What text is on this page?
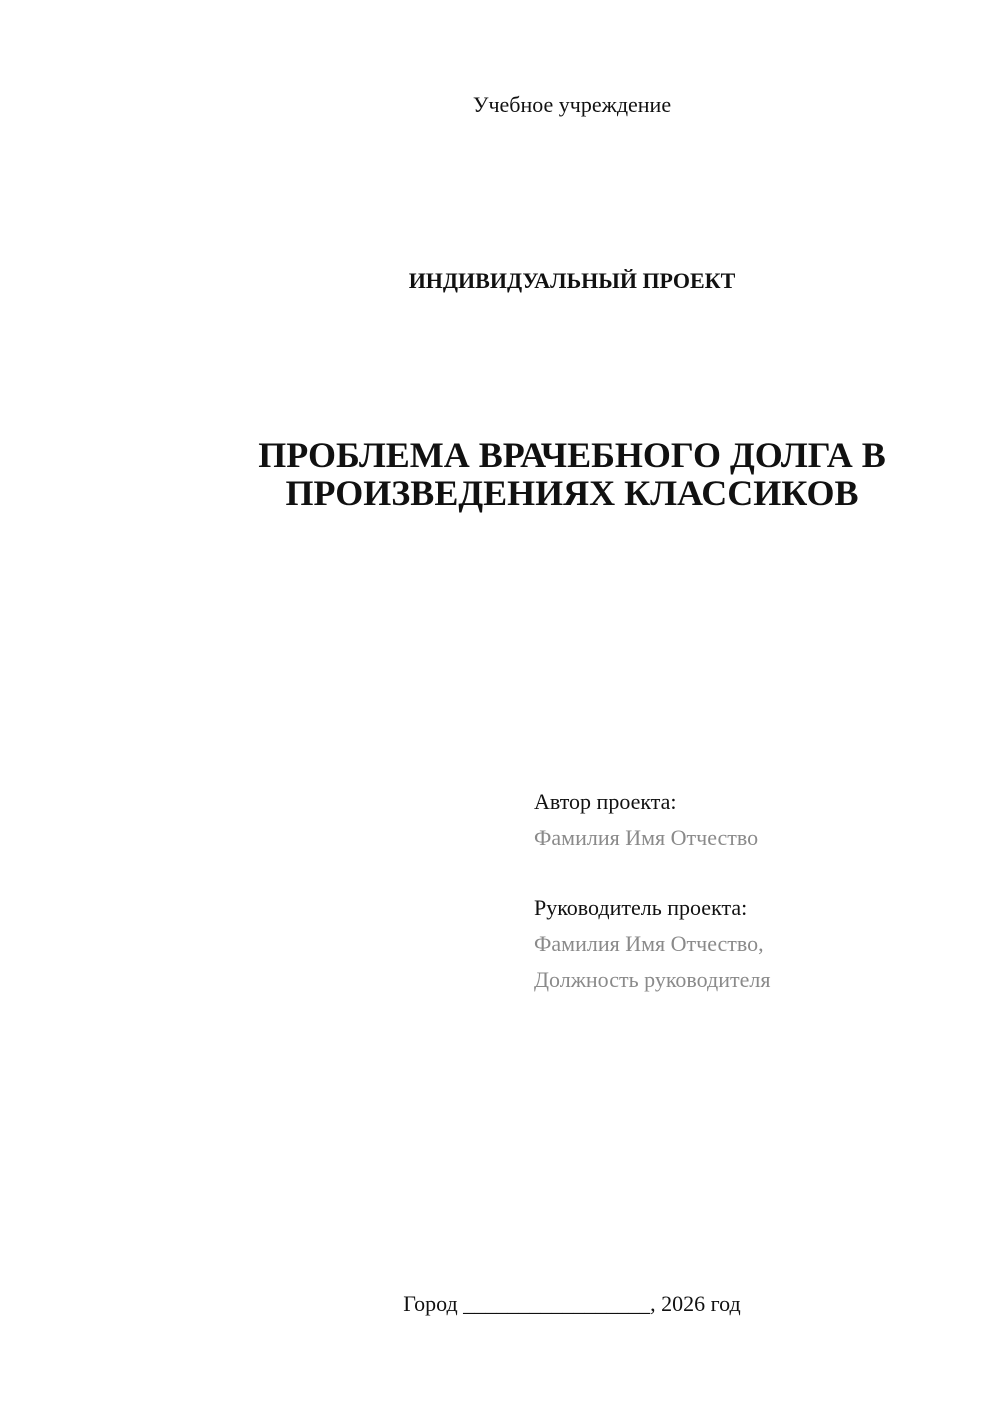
Учебное учреждение

ИНДИВИДУАЛЬНЫЙ ПРОЕКТ

ПРОБЛЕМА ВРАЧЕБНОГО ДОЛГА В
ПРОИЗВЕДЕНИЯХ КЛАССИКОВ

Автор проекта:

Фамилия Имя Отчество

Руководитель проекта:

Фамилия Имя Отчество,

Должность руководителя

Город _________________, 2026 год
